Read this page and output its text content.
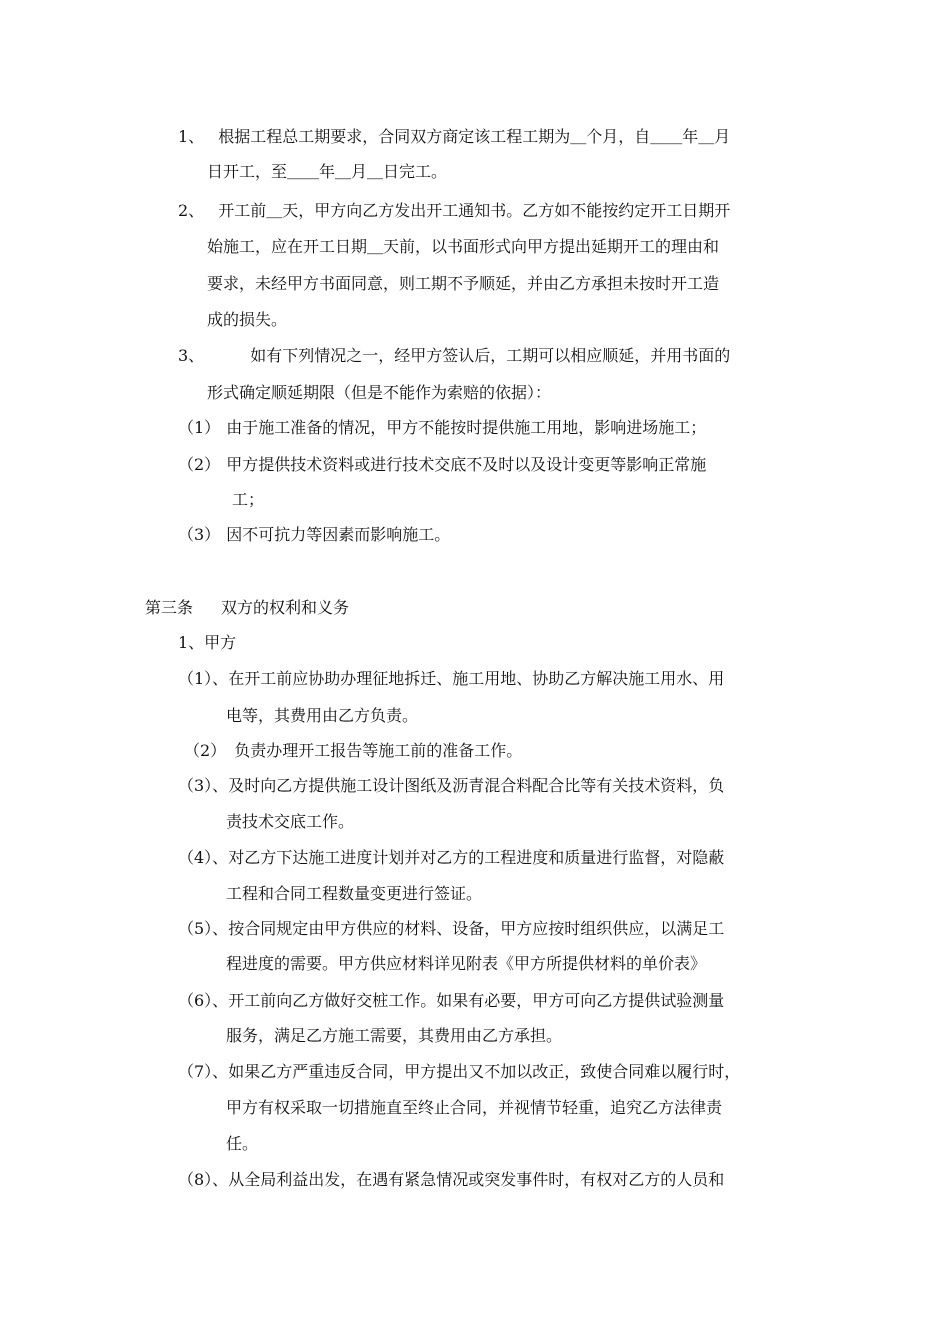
1、 根据工程总工期要求，合同双方商定该工程工期为＿个月，自＿＿年＿月
日开工，至＿＿年＿月＿日完工。
2、 开工前＿天，甲方向乙方发出开工通知书。乙方如不能按约定开工日期开
始施工，应在开工日期＿天前，以书面形式向甲方提出延期开工的理由和
要求，未经甲方书面同意，则工期不予顺延，并由乙方承担未按时开工造
成的损失。
3、	如有下列情况之一，经甲方签认后，工期可以相应顺延，并用书面的
形式确定顺延期限（但是不能作为索赔的依据）：
（1） 由于施工准备的情况，甲方不能按时提供施工用地，影响进场施工；
（2） 甲方提供技术资料或进行技术交底不及时以及设计变更等影响正常施
工；
（3） 因不可抗力等因素而影响施工。
第三条 双方的权利和义务
1、甲方
（1）、在开工前应协助办理征地拆迁、施工用地、协助乙方解决施工用水、用
电等，其费用由乙方负责。
（2） 负责办理开工报告等施工前的准备工作。
（3）、及时向乙方提供施工设计图纸及沥青混合料配合比等有关技术资料，负
责技术交底工作。
（4）、对乙方下达施工进度计划并对乙方的工程进度和质量进行监督，对隐蔽
工程和合同工程数量变更进行签证。
（5）、按合同规定由甲方供应的材料、设备，甲方应按时组织供应，以满足工
程进度的需要。甲方供应材料详见附表《甲方所提供材料的单价表》
（6）、开工前向乙方做好交桩工作。如果有必要，甲方可向乙方提供试验测量
服务，满足乙方施工需要，其费用由乙方承担。
（7）、如果乙方严重违反合同，甲方提出又不加以改正，致使合同难以履行时，
甲方有权采取一切措施直至终止合同，并视情节轻重，追究乙方法律责
任。
（8）、从全局利益出发，在遇有紧急情况或突发事件时，有权对乙方的人员和
